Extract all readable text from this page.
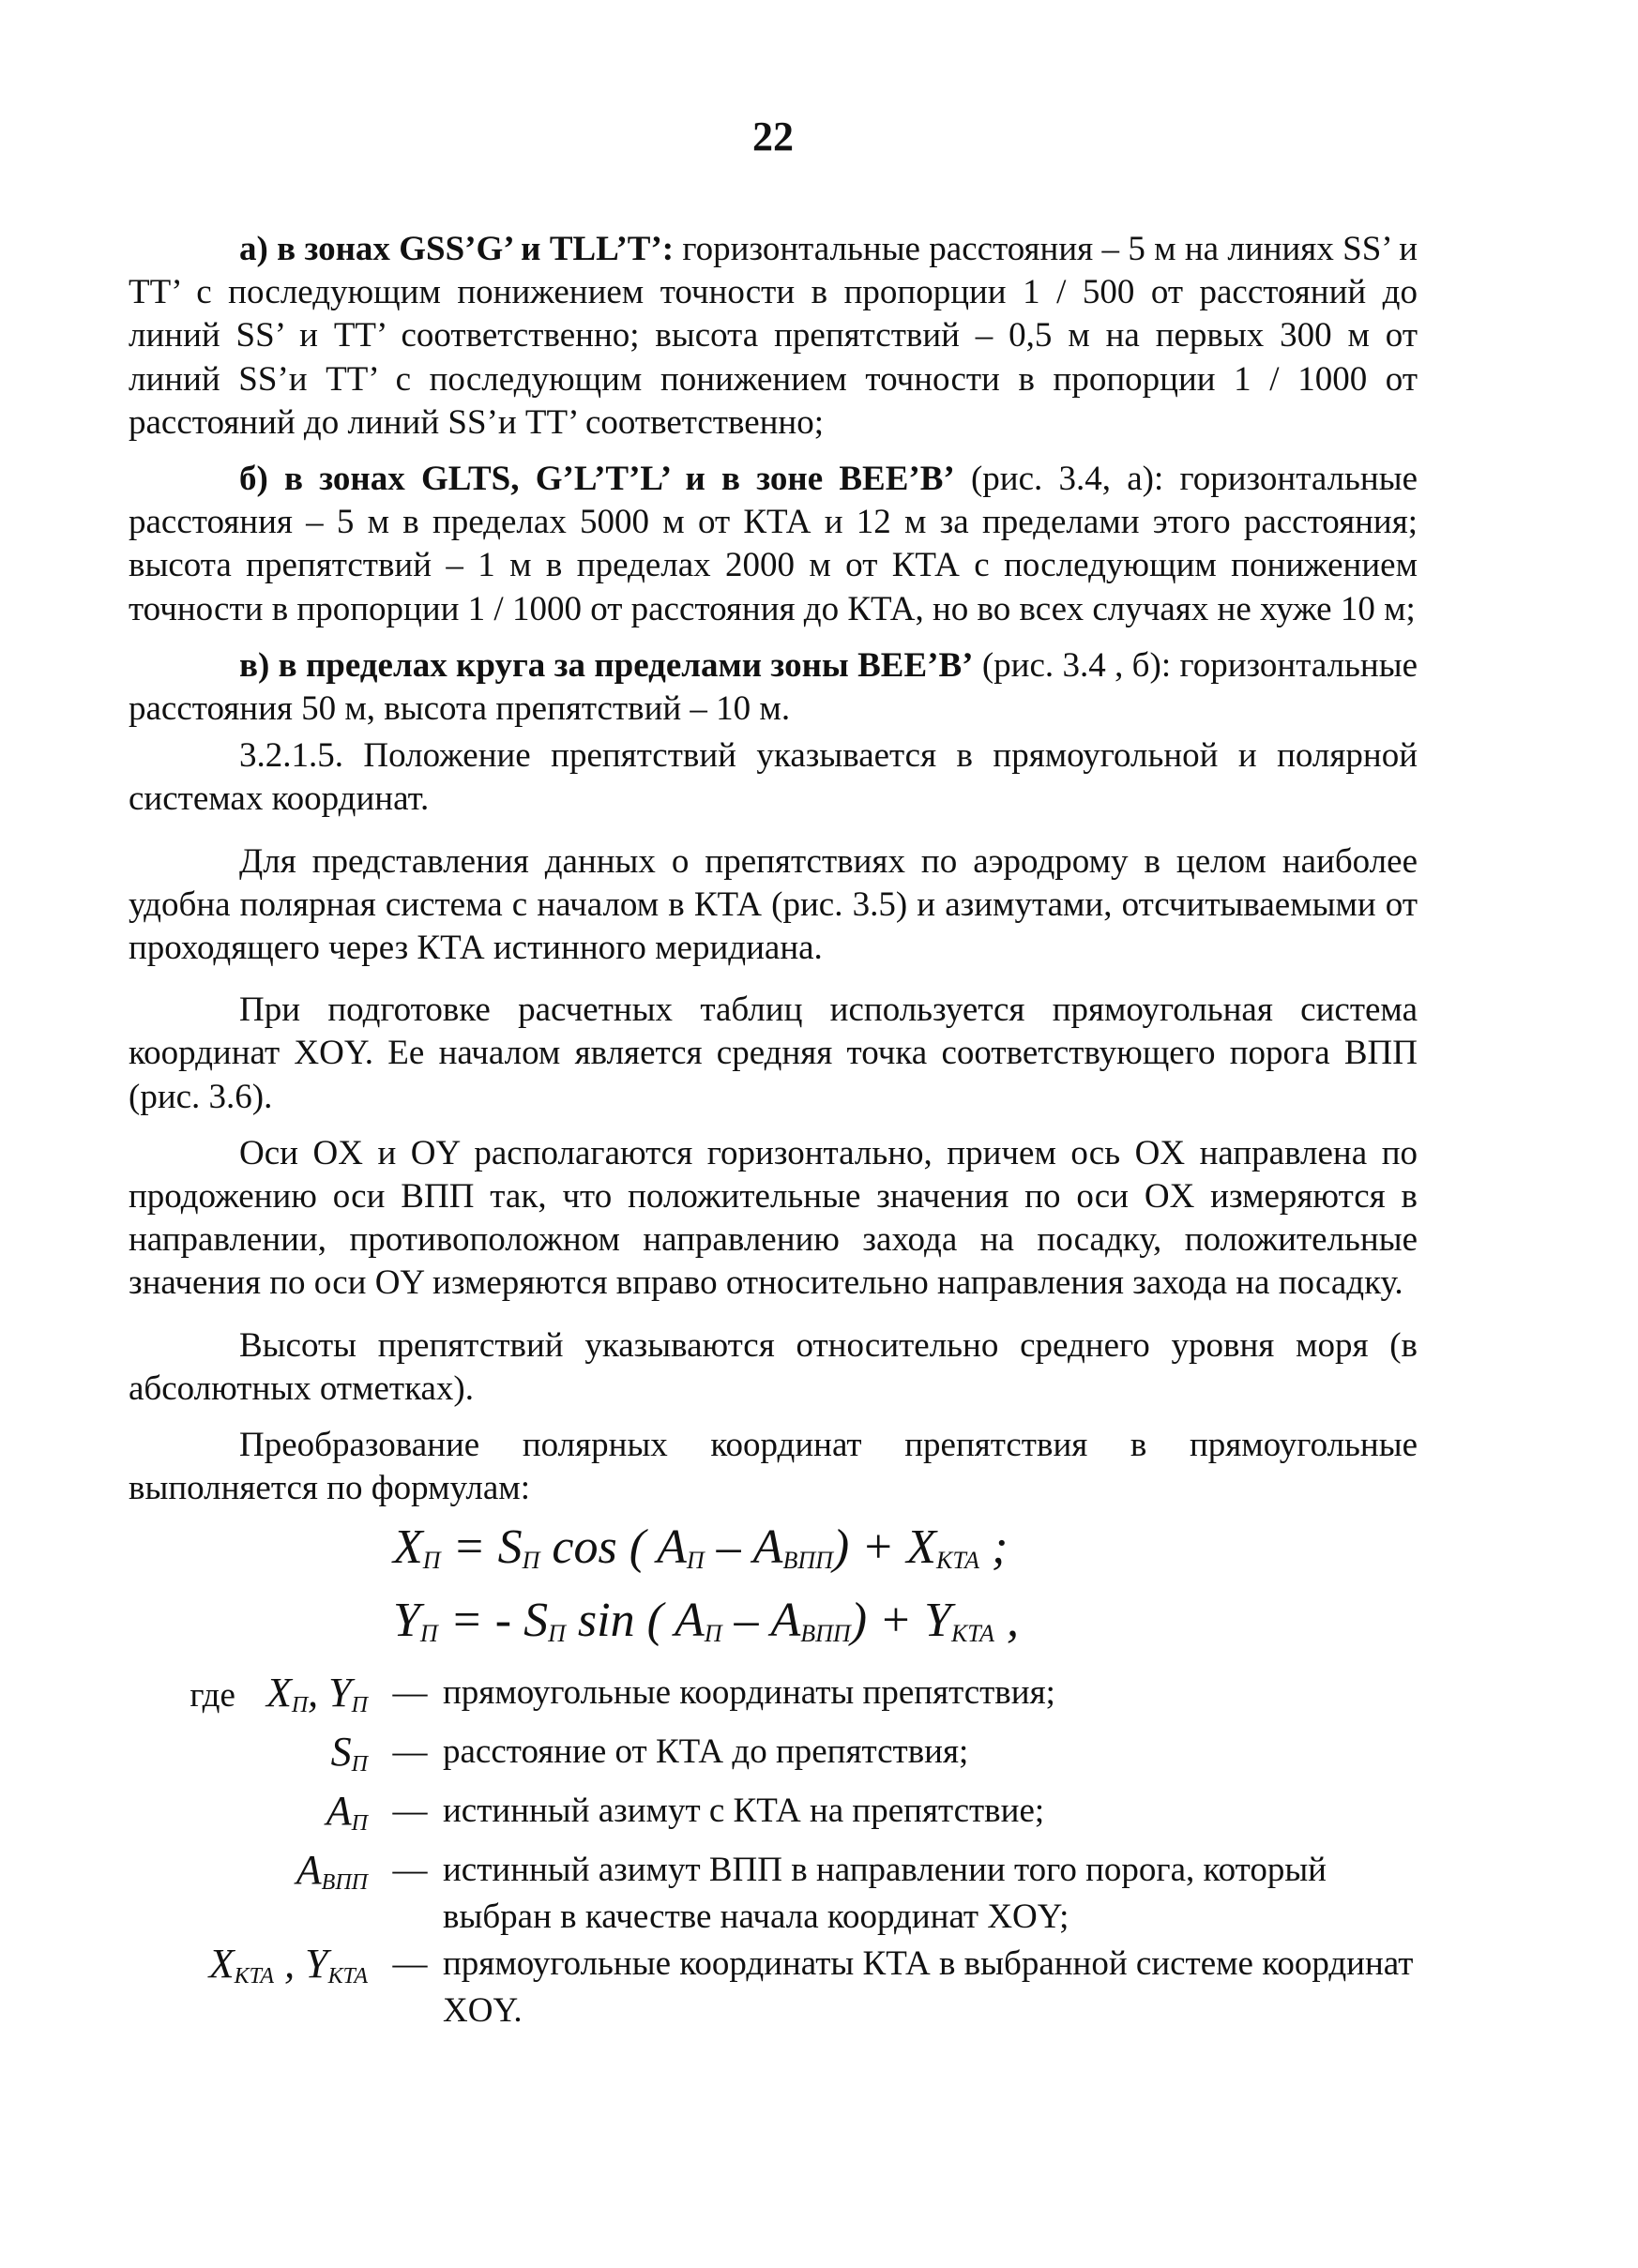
22

а) в зонах GSS’G’ и TLL’T’: горизонтальные расстояния – 5 м на линиях SS’ и TT’ с последующим понижением точности в пропорции 1 / 500 от расстояний до линий SS’ и TT’ соответственно; высота препятствий – 0,5 м на первых 300 м от линий SS’и TT’ с последующим понижением точности в пропорции 1 / 1000 от расстояний до линий SS’и TT’ соответственно;

б) в зонах GLTS, G’L’T’L’ и в зоне BEE’B’ (рис. 3.4, а): горизонтальные расстояния – 5 м в пределах 5000 м от КТА и 12 м за пределами этого расстояния; высота препятствий – 1 м в пределах 2000 м от КТА с последующим понижением точности в пропорции 1 / 1000 от расстояния до КТА, но во всех случаях не хуже 10 м;

в) в пределах круга за пределами зоны BEE’B’ (рис. 3.4 , б): горизонтальные расстояния 50 м, высота препятствий – 10 м.

3.2.1.5. Положение препятствий указывается в прямоугольной и полярной системах координат.

Для представления данных о препятствиях по аэродрому в целом наиболее удобна полярная система с началом в КТА (рис. 3.5) и азимутами, отсчитываемыми от проходящего через КТА истинного меридиана.

При подготовке расчетных таблиц используется прямоугольная система координат XOY. Ее началом является средняя точка соответствующего порога ВПП (рис. 3.6).

Оси OX и OY располагаются горизонтально, причем ось OX направлена по продожению оси ВПП так, что положительные значения по оси OX измеряются в направлении, противоположном направлению захода на посадку, положительные значения по оси OY измеряются вправо относительно направления захода на посадку.

Высоты препятствий указываются относительно среднего уровня моря (в абсолютных отметках).

Преобразование полярных координат препятствия в прямоугольные выполняется по формулам:

$X_П = S_П$ cos ( $A_П - A_{ВПП}) + X_{КТА}$ ;
$Y_П$ = - $S_П$ sin ( $A_П - A_{ВПП}) + Y_{КТА}$ ,
где $X_П$, $Y_П$ — прямоугольные координаты препятствия;
$S_П$ — расстояние от КТА до препятствия;
$A_П$ — истинный азимут с КТА на препятствие;
$A_{ВПП}$ — истинный азимут ВПП в направлении того порога, который выбран в качестве начала координат XOY;
$X_{КТА}$ , $Y_{КТА}$ — прямоугольные координаты КТА в выбранной системе координат XOY.
